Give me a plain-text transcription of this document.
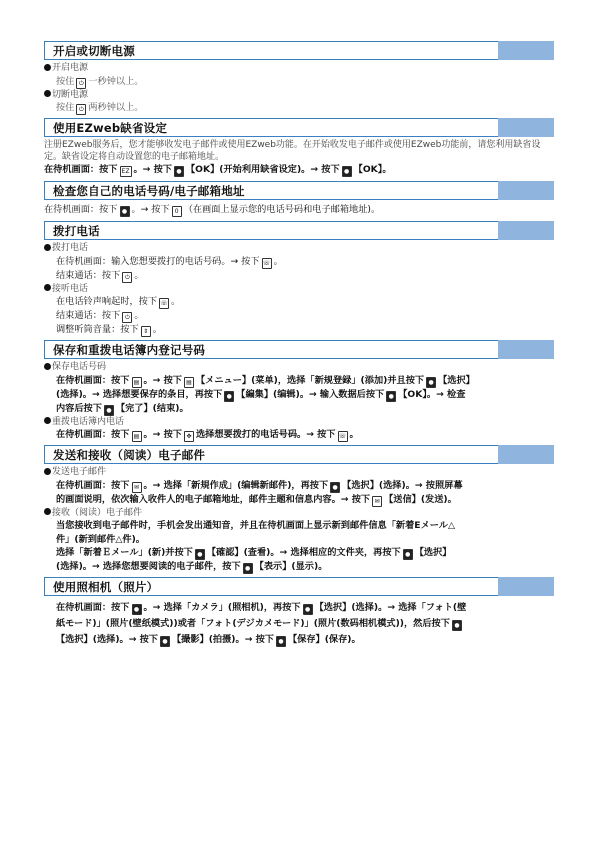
开启或切断电源
开启电源
按住 ⏻ 一秒钟以上。
切断电源
按住 ⏻ 两秒钟以上。
使用EZweb缺省设定
注册EZweb服务后，您才能够收发电子邮件或使用EZweb功能。在开始收发电子邮件或使用EZweb功能前，请您利用缺省设定。缺省设定将自动设置您的电子邮箱地址。
在待机画面：按下 EZ 。→ 按下 ● 【OK】(开始利用缺省设定)。→ 按下 ● 【OK】。
检查您自己的电话号码/电子邮箱地址
在待机画面：按下 ● 。→ 按下 0 （在画面上显示您的电话号码和电子邮箱地址)。
拨打电话
拨打电话
在待机画面：输入您想要拨打的电话号码。→ 按下 ☏ 。
结束通话：按下 ⏻ 。
接听电话
在电话铃声响起时，按下 ☏ 。
结束通话：按下 ⏻ 。
调整听筒音量：按下 ⇕ 。
保存和重拨电话簿内登记号码
保存电话号码
在待机画面：按下 ▤ 。→ 按下 ▤ 【メニュー】(菜单)，选择「新规登録」(添加)并且按下 ● 【选択】
(选择)。→ 选择想要保存的条目，再按下 ● 【編集】(编辑)。→ 输入数据后按下 ● 【OK】。→ 检查
内容后按下 ● 【完了】(结束)。
重拨电话簿内电话
在待机画面：按下 ▤ 。→ 按下 ✥ 选择想要拨打的电话号码。→ 按下 ☏ 。
发送和接收（阅读）电子邮件
发送电子邮件
在待机画面：按下 ✉ 。→ 选择「新規作成」(编辑新邮件)，再按下 ● 【选択】(选择)。→ 按照屏幕
的画面说明，依次输入收件人的电子邮箱地址，邮件主题和信息内容。→ 按下 ✉ 【送信】(发送)。
接收（阅读）电子邮件
当您接收到电子邮件时，手机会发出通知音，并且在待机画面上显示新到邮件信息「新着Eメール△
件」(新到邮件△件)。
选择「新着Ｅメール」(新)并按下 ● 【確認】(查看)。→ 选择相应的文件夹，再按下 ● 【选択】
(选择)。→ 选择您想要阅读的电子邮件，按下 ● 【表示】(显示)。
使用照相机（照片）
在待机画面：按下 ● 。→ 选择「カメラ」(照相机)，再按下 ● 【选択】(选择)。→ 选择「フォト(壁
紙モード)」(照片(壁纸模式))或者「フォト(デジカメモード)」(照片(数码相机模式))，然后按下 ●
【选択】(选择)。→ 按下 ● 【撮影】(拍摄)。→ 按下 ● 【保存】(保存)。
